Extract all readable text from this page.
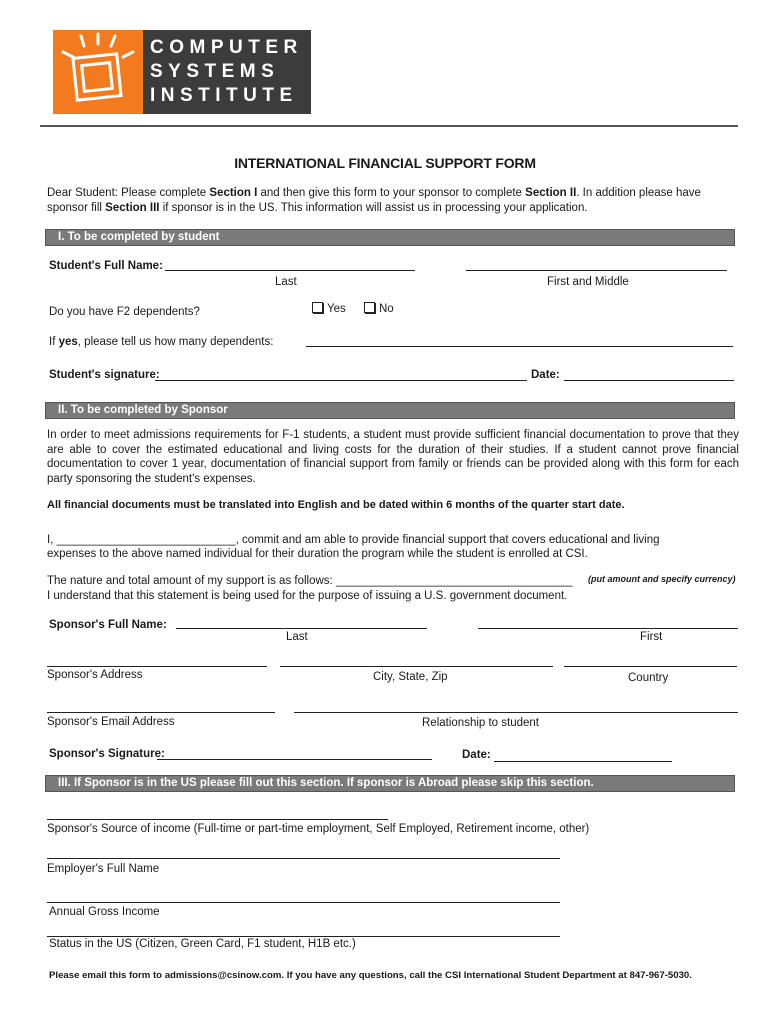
COMPUTER
SYSTEMS
INSTITUTE
INTERNATIONAL FINANCIAL SUPPORT FORM
Dear Student: Please complete Section I and then give this form to your sponsor to complete Section II. In addition please have sponsor fill Section III if sponsor is in the US. This information will assist us in processing your application.
I. To be completed by student
Student's Full Name:
Last	First and Middle
Do you have F2 dependents?	Yes	No
If yes, please tell us how many dependents:
Student's signature:	Date:
II. To be completed by Sponsor
In order to meet admissions requirements for F-1 students, a student must provide sufficient financial documentation to prove that they are able to cover the estimated educational and living costs for the duration of their studies. If a student cannot prove financial documentation to cover 1 year, documentation of financial support from family or friends can be provided along with this form for each party sponsoring the student's expenses.
All financial documents must be translated into English and be dated within 6 months of the quarter start date.
I, ____________________________, commit and am able to provide financial support that covers educational and living
expenses to the above named individual for their duration the program while the student is enrolled at CSI.
The nature and total amount of my support is as follows: _____________________________________ (put amount and specify currency)
I understand that this statement is being used for the purpose of issuing a U.S. government document.
Sponsor's Full Name:
Last	First
Sponsor's Address	City, State, Zip	Country
Sponsor's Email Address	Relationship to student
Sponsor's Signature:	Date:
III. If Sponsor is in the US please fill out this section. If sponsor is Abroad please skip this section.
Sponsor's Source of income (Full-time or part-time employment, Self Employed, Retirement income, other)
Employer's Full Name
Annual Gross Income
Status in the US (Citizen, Green Card, F1 student, H1B etc.)
Please email this form to admissions@csinow.com. If you have any questions, call the CSI International Student Department at 847-967-5030.
